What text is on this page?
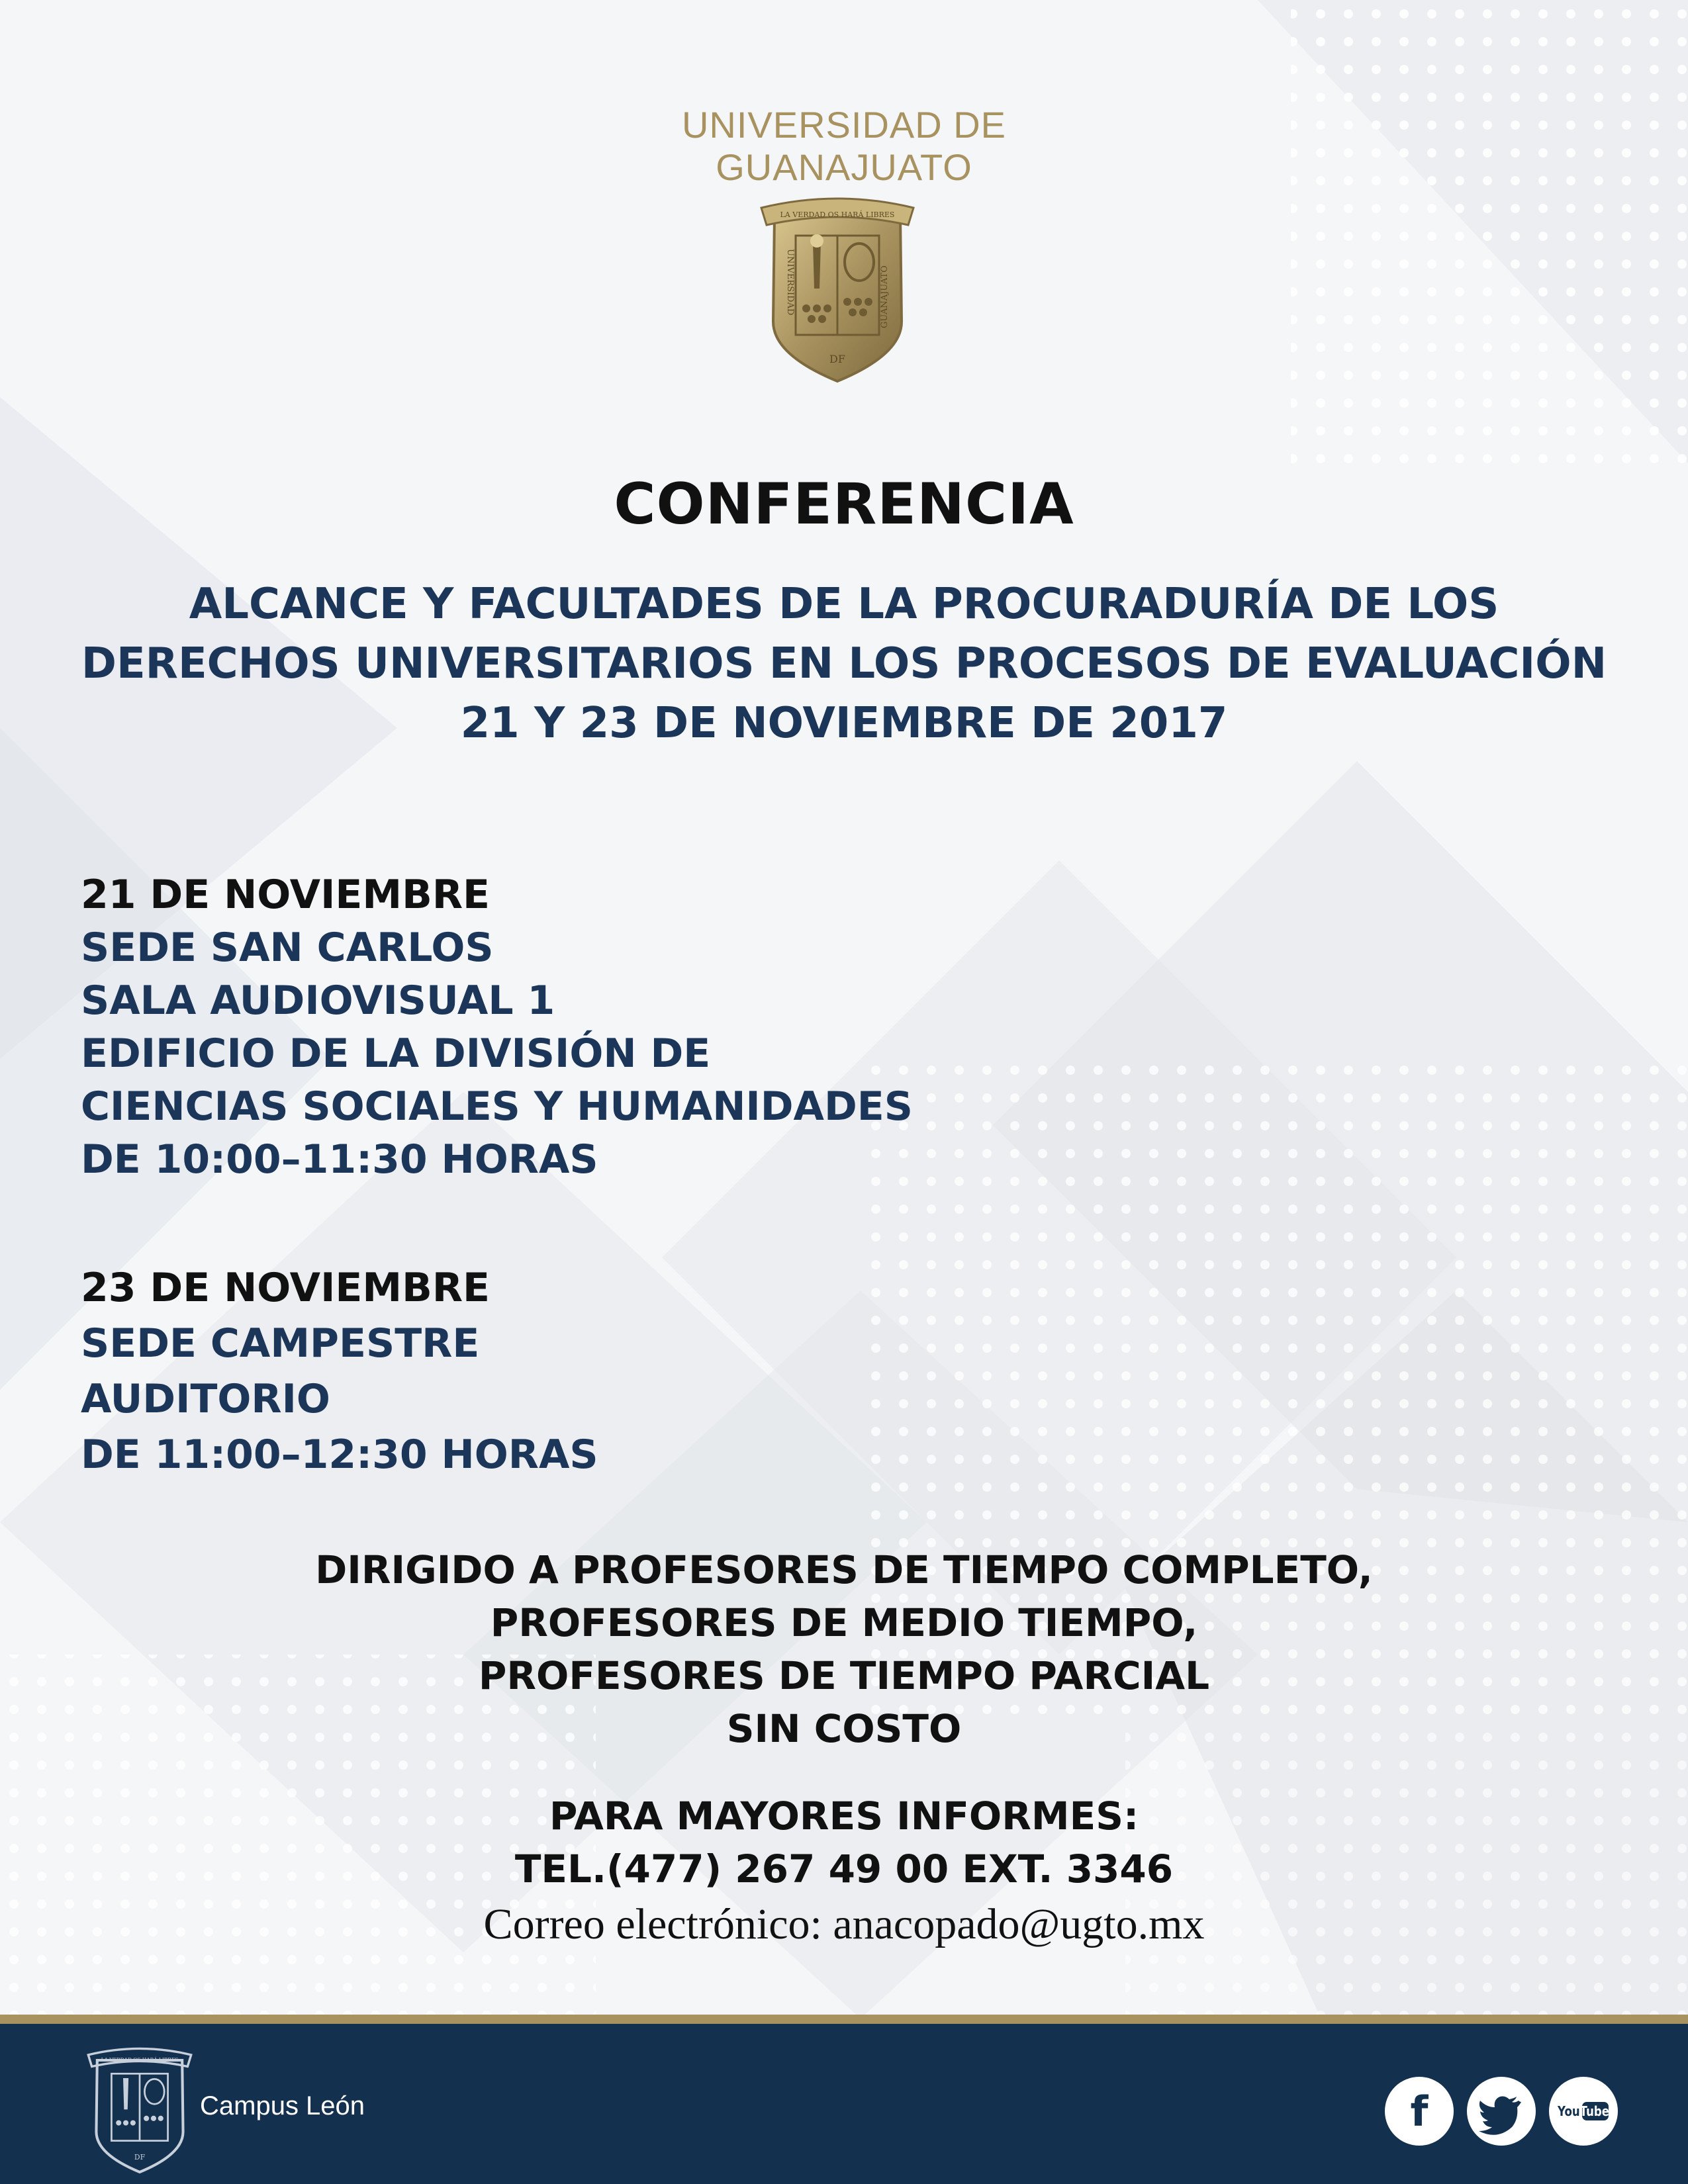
UNIVERSIDAD DE
GUANAJUATO
LA VERDAD OS HARÁ LIBRES
UNIVERSIDAD	GUANAJUATO
DF
CONFERENCIA
ALCANCE Y FACULTADES DE LA PROCURADURÍA DE LOS
DERECHOS UNIVERSITARIOS EN LOS PROCESOS DE EVALUACIÓN
21 Y 23 DE NOVIEMBRE DE 2017
21 DE NOVIEMBRE
SEDE SAN CARLOS
SALA AUDIOVISUAL 1
EDIFICIO DE LA DIVISIÓN DE
CIENCIAS SOCIALES Y HUMANIDADES
DE 10:00–11:30 HORAS
23 DE NOVIEMBRE
SEDE CAMPESTRE
AUDITORIO
DE 11:00–12:30 HORAS
DIRIGIDO A PROFESORES DE TIEMPO COMPLETO,
PROFESORES DE MEDIO TIEMPO,
PROFESORES DE TIEMPO PARCIAL
SIN COSTO
PARA MAYORES INFORMES:
TEL.(477) 267 49 00 EXT. 3346
Correo electrónico: anacopado@ugto.mx
LA VERDAD OS HARÁ LIBRES
DF
Campus León	f	YouTube
